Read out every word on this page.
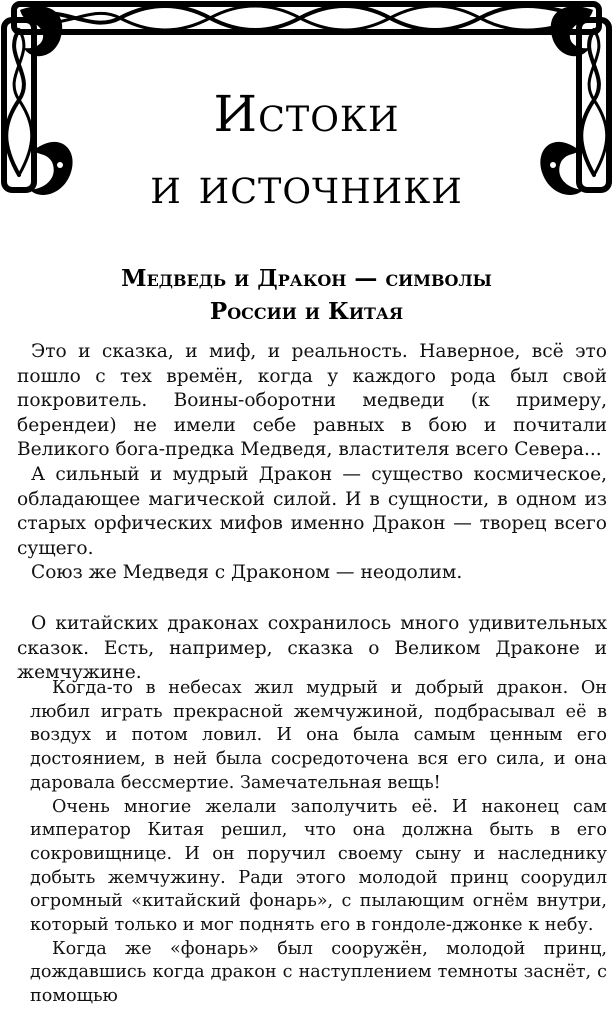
Истоки
и источники
Медведь и Дракон — символы
России и Китая

Это и сказка, и миф, и реальность. Наверное, всё это пошло с тех времён, когда у каждого рода был свой покровитель. Воины-оборотни медведи (к примеру, берендеи) не имели себе равных в бою и почитали Великого бога-предка Медведя, властителя всего Севера...

А сильный и мудрый Дракон — существо космическое, обладающее магической силой. И в сущности, в одном из старых орфических мифов именно Дракон — творец всего сущего.

Союз же Медведя с Драконом — неодолим.

О китайских драконах сохранилось много удивительных сказок. Есть, например, сказка о Великом Драконе и жемчужине.

Когда-то в небесах жил мудрый и добрый дракон. Он любил играть прекрасной жемчужиной, подбрасывал её в воздух и потом ловил. И она была самым ценным его достоянием, в ней была сосредоточена вся его сила, и она даровала бессмертие. Замечательная вещь!

Очень многие желали заполучить её. И наконец сам император Китая решил, что она должна быть в его сокровищнице. И он поручил своему сыну и наследнику добыть жемчужину. Ради этого молодой принц соорудил огромный «китайский фонарь», с пылающим огнём внутри, который только и мог поднять его в гондоле-джонке к небу.

Когда же «фонарь» был сооружён, молодой принц, дождавшись когда дракон с наступлением темноты заснёт, с помощью
